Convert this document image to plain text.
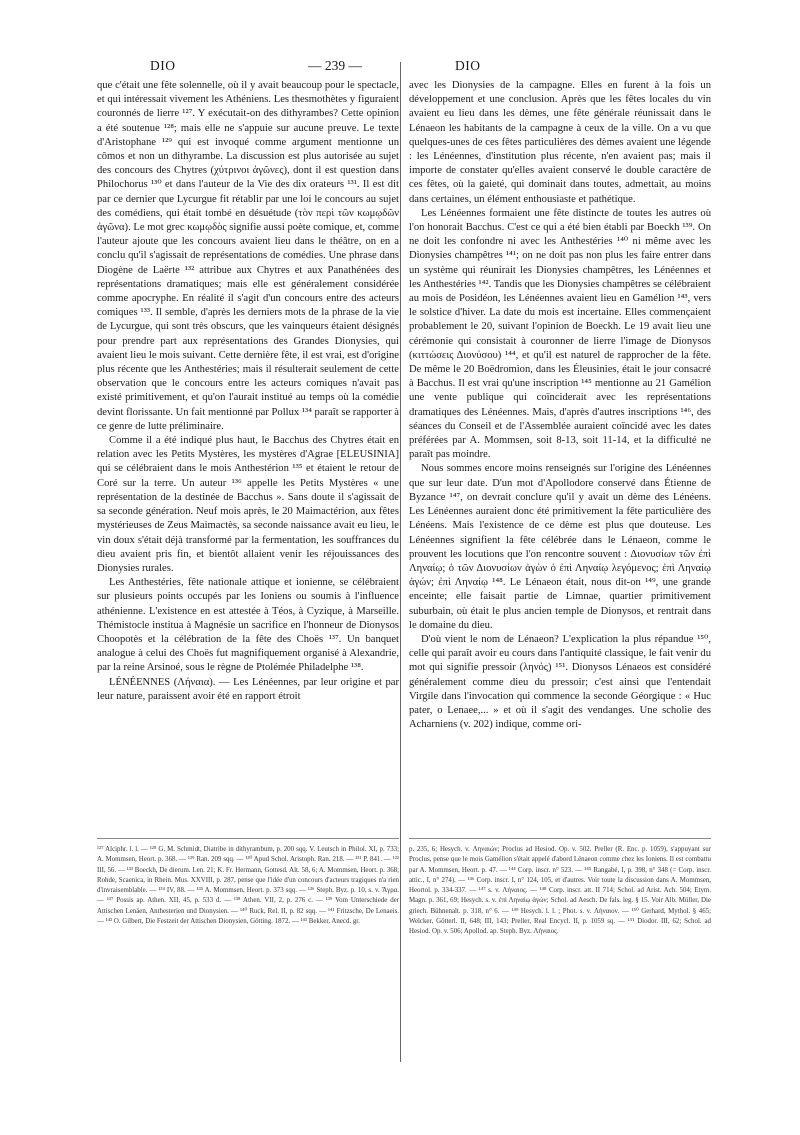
DIO	— 239 —	DIO

que c'était une fête solennelle, où il y avait beaucoup pour le spectacle, et qui intéressait vivement les Athéniens. Les thesmothètes y figuraient couronnés de lierre ¹²⁷. Y exécutait-on des dithyrambes? Cette opinion a été soutenue ¹²⁸; mais elle ne s'appuie sur aucune preuve. Le texte d'Aristophane ¹²⁹ qui est invoqué comme argument mentionne un cômos et non un dithyrambe. La discussion est plus autorisée au sujet des concours des Chytres (χύτρινοι ἀγῶνες), dont il est question dans Philochorus ¹³⁰ et dans l'auteur de la Vie des dix orateurs ¹³¹. Il est dit par ce dernier que Lycurgue fit rétablir par une loi le concours au sujet des comédiens, qui était tombé en désuétude (τὸν περὶ τῶν κωμῳδῶν ἀγῶνα). Le mot grec κωμῳδὸς signifie aussi poète comique, et, comme l'auteur ajoute que les concours avaient lieu dans le théâtre, on en a conclu qu'il s'agissait de représentations de comédies. Une phrase dans Diogène de Laërte ¹³² attribue aux Chytres et aux Panathénées des représentations dramatiques; mais elle est généralement considérée comme apocryphe. En réalité il s'agit d'un concours entre des acteurs comiques ¹³³. Il semble, d'après les derniers mots de la phrase de la vie de Lycurgue, qui sont très obscurs, que les vainqueurs étaient désignés pour prendre part aux représentations des Grandes Dionysies, qui avaient lieu le mois suivant. Cette dernière fête, il est vrai, est d'origine plus récente que les Anthestéries; mais il résulterait seulement de cette observation que le concours entre les acteurs comiques n'avait pas existé primitivement, et qu'on l'aurait institué au temps où la comédie devint florissante. Un fait mentionné par Pollux ¹³⁴ paraît se rapporter à ce genre de lutte préliminaire.

Comme il a été indiqué plus haut, le Bacchus des Chytres était en relation avec les Petits Mystères, les mystères d'Agrae [ELEUSINIA] qui se célébraient dans le mois Anthestérion ¹³⁵ et étaient le retour de Coré sur la terre. Un auteur ¹³⁶ appelle les Petits Mystères « une représentation de la destinée de Bacchus ». Sans doute il s'agissait de sa seconde génération. Neuf mois après, le 20 Maimactérion, aux fêtes mystérieuses de Zeus Maimactès, sa seconde naissance avait eu lieu, le vin doux s'était déjà transformé par la fermentation, les souffrances du dieu avaient pris fin, et bientôt allaient venir les réjouissances des Dionysies rurales.

Les Anthestéries, fête nationale attique et ionienne, se célébraient sur plusieurs points occupés par les Ioniens ou soumis à l'influence athénienne. L'existence en est attestée à Téos, à Cyzique, à Marseille. Thémistocle institua à Magnésie un sacrifice en l'honneur de Dionysos Choopotès et la célébration de la fête des Choës ¹³⁷. Un banquet analogue à celui des Choës fut magnifiquement organisé à Alexandrie, par la reine Arsinoé, sous le règne de Ptolémée Philadelphe ¹³⁸.

LÉNÉENNES (Λήναια). — Les Lénéennes, par leur origine et par leur nature, paraissent avoir été en rapport étroit

avec les Dionysies de la campagne. Elles en furent à la fois un développement et une conclusion. Après que les fêtes locales du vin avaient eu lieu dans les dèmes, une fête générale réunissait dans le Lénaeon les habitants de la campagne à ceux de la ville. On a vu que quelques-unes de ces fêtes particulières des dèmes avaient une légende : les Lénéennes, d'institution plus récente, n'en avaient pas; mais il importe de constater qu'elles avaient conservé le double caractère de ces fêtes, où la gaieté, qui dominait dans toutes, admettait, au moins dans certaines, un élément enthousiaste et pathétique.

Les Lénéennes formaient une fête distincte de toutes les autres où l'on honorait Bacchus. C'est ce qui a été bien établi par Boeckh ¹³⁹. On ne doit les confondre ni avec les Anthestéries ¹⁴⁰ ni même avec les Dionysies champêtres ¹⁴¹; on ne doit pas non plus les faire entrer dans un système qui réunirait les Dionysies champêtres, les Lénéennes et les Anthestéries ¹⁴². Tandis que les Dionysies champêtres se célébraient au mois de Posidéon, les Lénéennes avaient lieu en Gamélion ¹⁴³, vers le solstice d'hiver. La date du mois est incertaine. Elles commençaient probablement le 20, suivant l'opinion de Boeckh. Le 19 avait lieu une cérémonie qui consistait à couronner de lierre l'image de Dionysos (κιττώσεις Διονύσου) ¹⁴⁴, et qu'il est naturel de rapprocher de la fête. De même le 20 Boëdromion, dans les Éleusinies, était le jour consacré à Bacchus. Il est vrai qu'une inscription ¹⁴⁵ mentionne au 21 Gamélion une vente publique qui coïnciderait avec les représentations dramatiques des Lénéennes. Mais, d'après d'autres inscriptions ¹⁴⁶, des séances du Conseil et de l'Assemblée auraient coïncidé avec les dates préférées par A. Mommsen, soit 8-13, soit 11-14, et la difficulté ne paraît pas moindre.

Nous sommes encore moins renseignés sur l'origine des Lénéennes que sur leur date. D'un mot d'Apollodore conservé dans Étienne de Byzance ¹⁴⁷, on devrait conclure qu'il y avait un dème des Lénéens. Les Lénéennes auraient donc été primitivement la fête particulière des Lénéens. Mais l'existence de ce dème est plus que douteuse. Les Lénéennes signifient la fête célébrée dans le Lénaeon, comme le prouvent les locutions que l'on rencontre souvent : Διονυσίων τῶν ἐπὶ Ληναίῳ; ὁ τῶν Διονυσίων ἀγὼν ὁ ἐπὶ Ληναίῳ λεγόμενος; ἐπὶ Ληναίῳ ἀγών; ἐπὶ Ληναίῳ ¹⁴⁸. Le Lénaeon était, nous dit-on ¹⁴⁹, une grande enceinte; elle faisait partie de Limnae, quartier primitivement suburbain, où était le plus ancien temple de Dionysos, et rentrait dans le domaine du dieu.

D'où vient le nom de Lénaeon? L'explication la plus répandue ¹⁵⁰, celle qui paraît avoir eu cours dans l'antiquité classique, le fait venir du mot qui signifie pressoir (ληνός) ¹⁵¹. Dionysos Lénaeos est considéré généralement comme dieu du pressoir; c'est ainsi que l'entendait Virgile dans l'invocation qui commence la seconde Géorgique : « Huc pater, o Lenaee,... » et où il s'agit des vendanges. Une scholie des Acharniens (v. 202) indique, comme ori-

¹²⁷ Alciphr. l. l. — ¹²⁸ G. M. Schmidt, Diatribe in dithyrambum, p. 200 sqq. V. Leutsch in Philol. XI, p. 733; A. Mommsen, Heort. p. 368. — ¹²⁹ Ran. 209 sqq. — ¹³⁰ Apud Schol. Aristoph. Ran. 218. — ¹³¹ P. 841. — ¹³² III, 56. — ¹³³ Boeckh, De dierum. Len. 21; K. Fr. Hermann, Gottesd. Alt. 58, 6; A. Mommsen, Heort. p. 368; Rohde, Scaenica, in Rhein. Mus. XXVIII, p. 287, pense que l'idée d'un concours d'acteurs tragiques n'a rien d'invraisemblable. — ¹³⁴ IV, 88. — ¹³⁵ A. Mommsen, Heort. p. 373 sqq. — ¹³⁶ Steph. Byz. p. 10, s. v. Ἄγρα. — ¹³⁷ Possis ap. Athen. XII, 45, p. 533 d. — ¹³⁸ Athen. VII, 2, p. 276 c. — ¹³⁹ Vom Unterschiede der Attischen Lenäen, Anthesterien und Dionysien. — ¹⁴⁰ Ruck, Rel. II, p. 82 sqq. — ¹⁴¹ Fritzsche, De Lenaeis. — ¹⁴² O. Gilbert, Die Festzeit der Attischen Dionysien, Götting. 1872. — ¹⁴³ Bekker, Anecd. gr.

p. 235, 6; Hesych. v. Ληναιών; Proclus ad Hesiod. Op. v. 502. Preller (R. Enc. p. 1059), s'appuyant sur Proclus, pense que le mois Gamélion s'était appelé d'abord Lénaeon comme chez les Ioniens. Il est combattu par A. Mommsen, Heort. p. 47. — ¹⁴⁴ Corp. inscr. n° 523. — ¹⁴⁵ Rangabé, I, p. 398, n° 348 (= Corp. inscr. attic., I, n° 274). — ¹⁴⁶ Corp. inscr. I, n° 124, 105, et d'autres. Voir toute la discussion dans A. Mommsen, Heortol. p. 334-337. — ¹⁴⁷ s. v. Λήναιος. — ¹⁴⁸ Corp. inscr. att. II 714; Schol. ad Arist. Ach. 504; Etym. Magn. p. 361, 69; Hesych. s. v. ἐπὶ Ληναίῳ ἀγών; Schol. ad Aesch. De fals. leg. § 15. Voir Alb. Müller, Die griech. Bühnenalt. p. 318, n° 6. — ¹⁴⁹ Hesych. l. l. ; Phot. s. v. Λήναιον. — ¹⁵⁰ Gerhard, Mythol. § 465; Welcker, Götterl. II, 648; III, 143; Preller, Real Encycl. II, p. 1059 sq. — ¹⁵¹ Diodor. III, 62; Schol. ad Hesiod. Op. v. 506; Apollod. ap. Steph. Byz. Λήναιος.
